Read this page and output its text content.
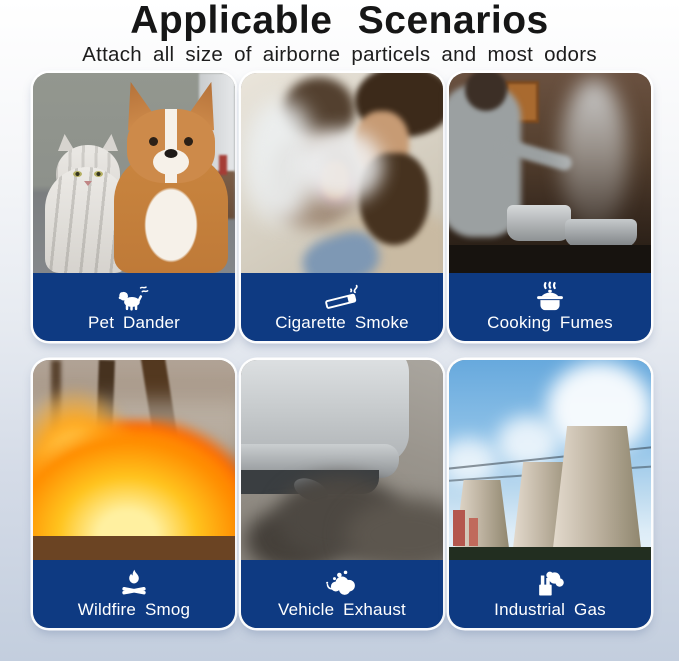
Applicable Scenarios
Attach all size of airborne particels and most odors
Pet Dander	Cigarette Smoke	Cooking Fumes
Wildfire Smog	Vehicle Exhaust	Industrial Gas
